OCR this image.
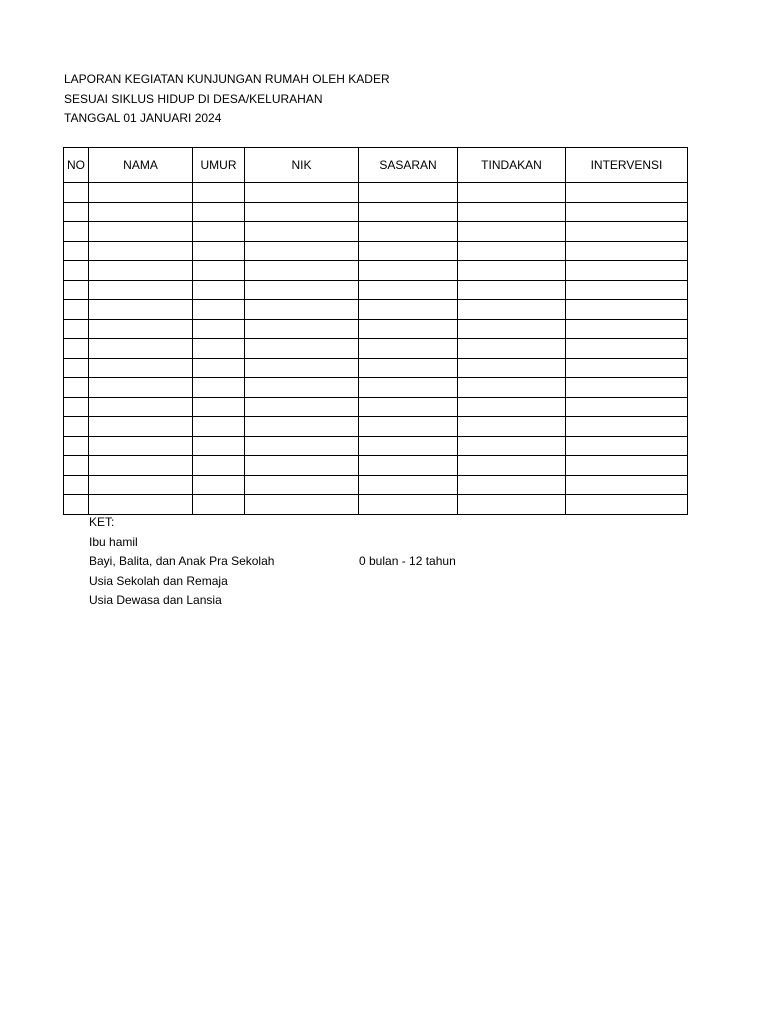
LAPORAN KEGIATAN KUNJUNGAN RUMAH OLEH KADER
SESUAI SIKLUS HIDUP DI DESA/KELURAHAN
TANGGAL 01 JANUARI 2024
NO	NAMA	UMUR	NIK	SASARAN	TINDAKAN	INTERVENSI

KET:
Ibu hamil
Bayi, Balita, dan Anak Pra Sekolah	0 bulan - 12 tahun
Usia Sekolah dan Remaja
Usia Dewasa dan Lansia
